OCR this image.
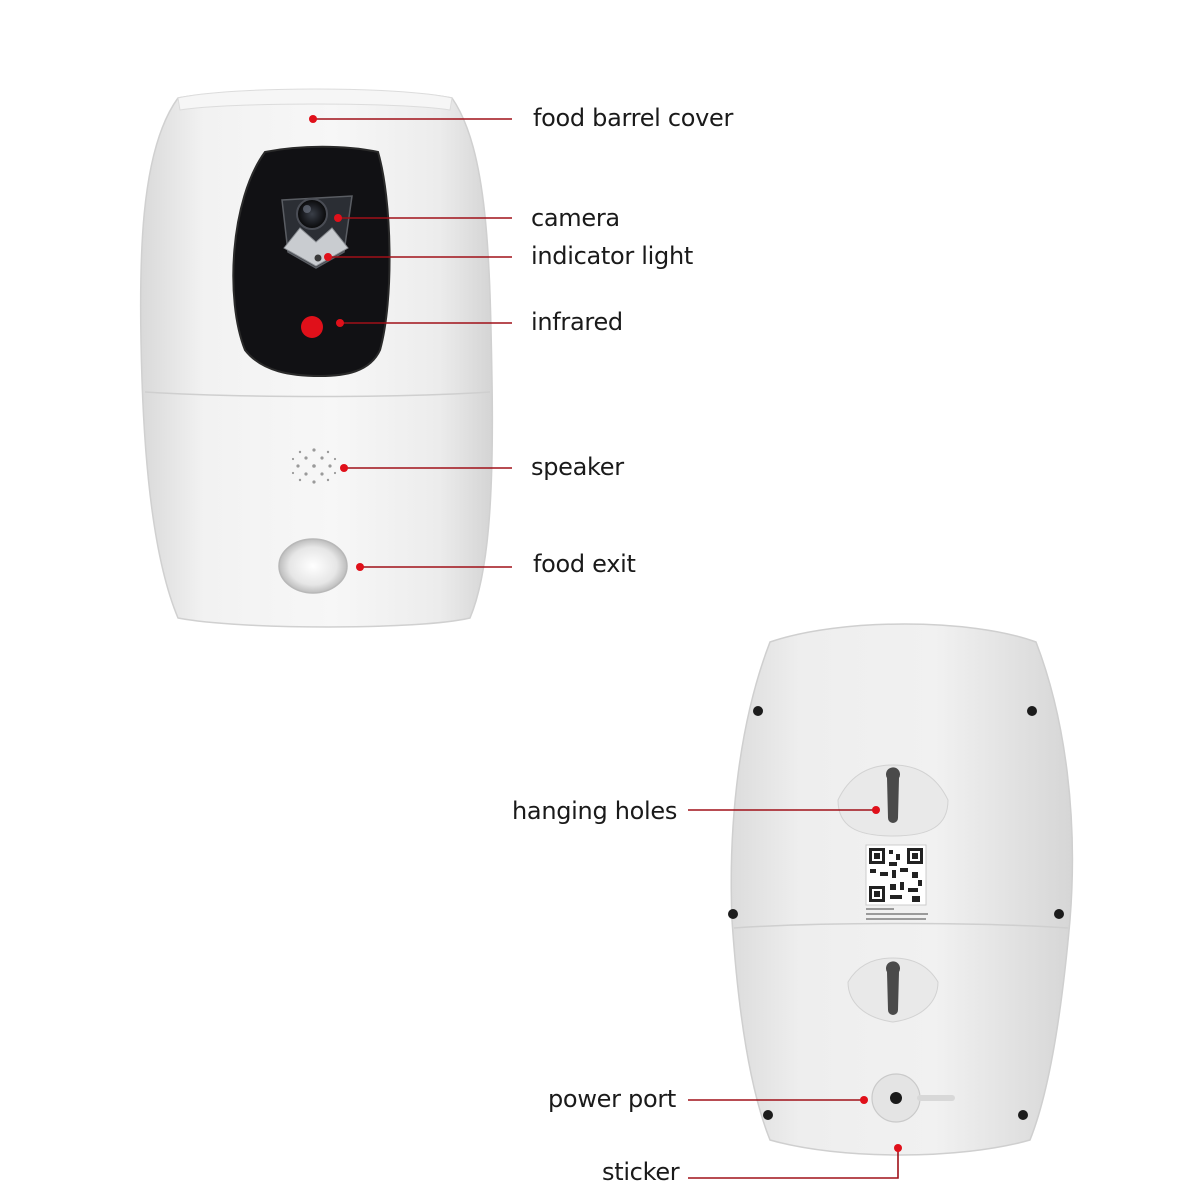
food barrel cover
camera
indicator light
infrared
speaker
food exit
hanging holes
power port
sticker
